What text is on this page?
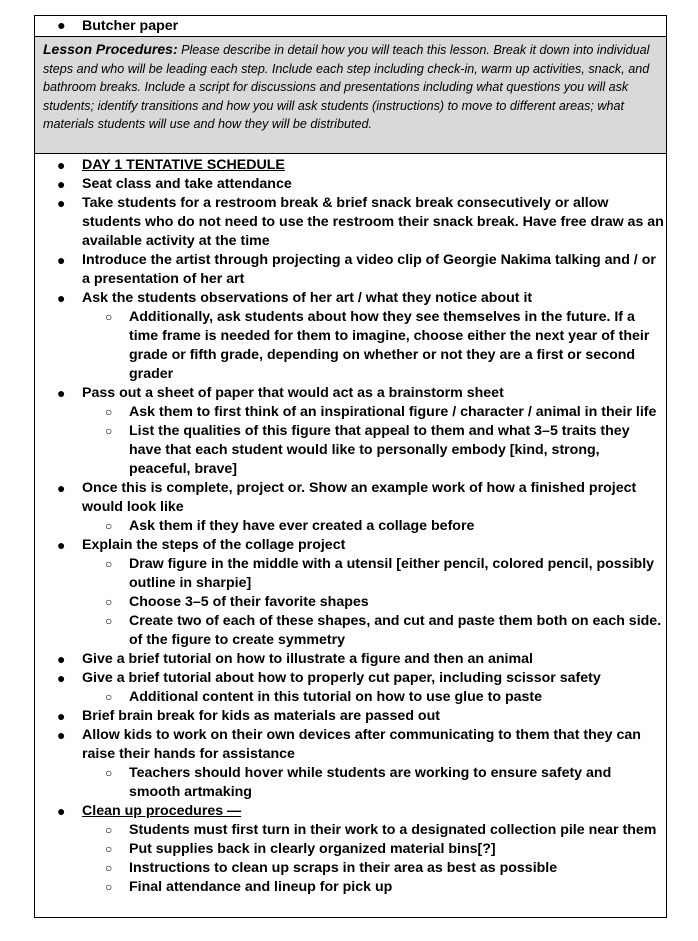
● Butcher paper
Lesson Procedures: Please describe in detail how you will teach this lesson. Break it down into individual steps and who will be leading each step. Include each step including check-in, warm up activities, snack, and bathroom breaks. Include a script for discussions and presentations including what questions you will ask students; identify transitions and how you will ask students (instructions) to move to different areas; what materials students will use and how they will be distributed.
● DAY 1 TENTATIVE SCHEDULE
● Seat class and take attendance
● Take students for a restroom break & brief snack break consecutively or allow students who do not need to use the restroom their snack break. Have free draw as an available activity at the time
● Introduce the artist through projecting a video clip of Georgie Nakima talking and / or a presentation of her art
● Ask the students observations of her art / what they notice about it
○ Additionally, ask students about how they see themselves in the future. If a time frame is needed for them to imagine, choose either the next year of their grade or fifth grade, depending on whether or not they are a first or second grader
● Pass out a sheet of paper that would act as a brainstorm sheet
○ Ask them to first think of an inspirational figure / character / animal in their life
○ List the qualities of this figure that appeal to them and what 3–5 traits they have that each student would like to personally embody [kind, strong, peaceful, brave]
● Once this is complete, project or. Show an example work of how a finished project would look like
○ Ask them if they have ever created a collage before
● Explain the steps of the collage project
○ Draw figure in the middle with a utensil [either pencil, colored pencil, possibly outline in sharpie]
○ Choose 3–5 of their favorite shapes
○ Create two of each of these shapes, and cut and paste them both on each side. of the figure to create symmetry
● Give a brief tutorial on how to illustrate a figure and then an animal
● Give a brief tutorial about how to properly cut paper, including scissor safety
○ Additional content in this tutorial on how to use glue to paste
● Brief brain break for kids as materials are passed out
● Allow kids to work on their own devices after communicating to them that they can raise their hands for assistance
○ Teachers should hover while students are working to ensure safety and smooth artmaking
● Clean up procedures —
○ Students must first turn in their work to a designated collection pile near them
○ Put supplies back in clearly organized material bins[?]
○ Instructions to clean up scraps in their area as best as possible
○ Final attendance and lineup for pick up
